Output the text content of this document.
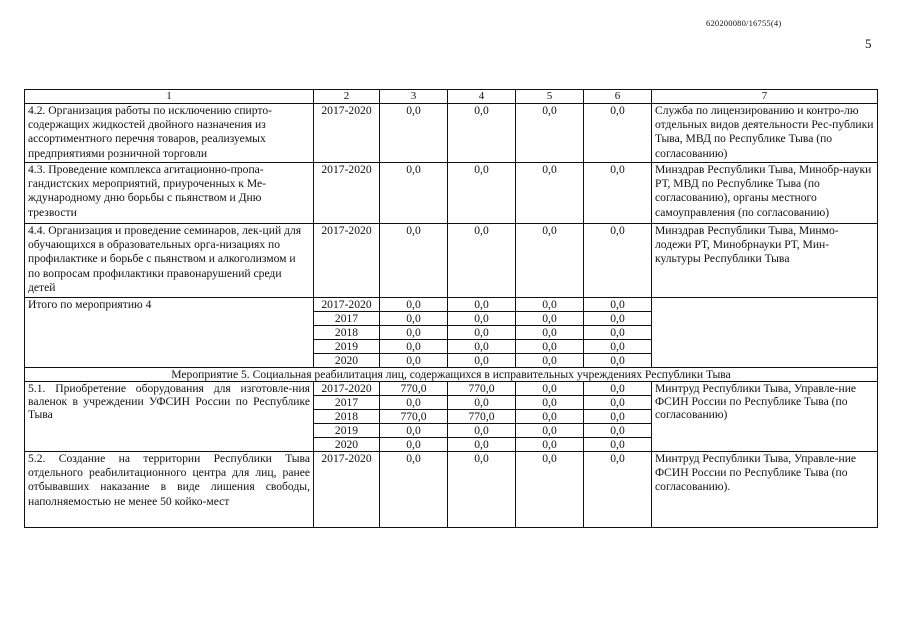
620200080/16755(4)
5
1	2	3	4	5	6	7
4.2. Организация работы по исключению спирто-содержащих жидкостей двойного назначения из ассортиментного перечня товаров, реализуемых предприятиями розничной торговли	2017-2020	0,0	0,0	0,0	0,0	Служба по лицензированию и контро-лю отдельных видов деятельности Рес-публики Тыва, МВД по Республике Тыва (по согласованию)
4.3. Проведение комплекса агитационно-пропа-гандистских мероприятий, приуроченных к Ме-ждународному дню борьбы с пьянством и Дню трезвости	2017-2020	0,0	0,0	0,0	0,0	Минздрав Республики Тыва, Минобр-науки РТ, МВД по Республике Тыва (по согласованию), органы местного самоуправления (по согласованию)
4.4. Организация и проведение семинаров, лек-ций для обучающихся в образовательных орга-низациях по профилактике и борьбе с пьянством и алкоголизмом и по вопросам профилактики правонарушений среди детей	2017-2020	0,0	0,0	0,0	0,0	Минздрав Республики Тыва, Минмо-лодежи РТ, Минобрнауки РТ, Мин-культуры Республики Тывa
Итого по мероприятию 4	2017-2020	0,0	0,0	0,0	0,0	
	2017	0,0	0,0	0,0	0,0	
	2018	0,0	0,0	0,0	0,0	
	2019	0,0	0,0	0,0	0,0	
	2020	0,0	0,0	0,0	0,0	
Мероприятие 5. Социальная реабилитация лиц, содержащихся в исправительных учреждениях Республики Тыва						
5.1. Приобретение оборудования для изготовле-ния валенок в учреждении УФСИН России по Республике Тыва	2017-2020	770,0	770,0	0,0	0,0	Минтруд Республики Тыва, Управле-ние ФСИН России по Республике Тыва (по согласованию)
	2017	0,0	0,0	0,0	0,0	
	2018	770,0	770,0	0,0	0,0	
	2019	0,0	0,0	0,0	0,0	
	2020	0,0	0,0	0,0	0,0	
5.2. Создание на территории Республики Тыва отдельного реабилитационного центра для лиц, ранее отбывавших наказание в виде лишения свободы, наполняемостью не менее 50 койко-мест	2017-2020	0,0	0,0	0,0	0,0	Минтруд Республики Тыва, Управле-ние ФСИН России по Республике Тыва (по согласованию).
